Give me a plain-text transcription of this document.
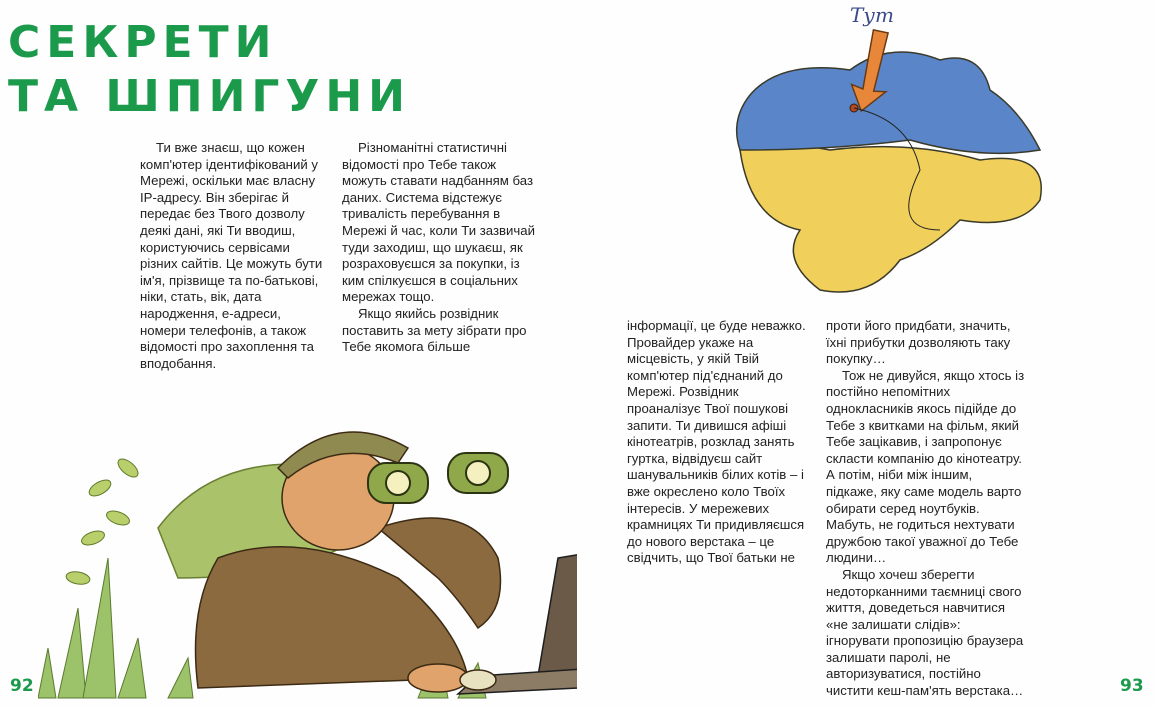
СЕКРЕТИ
ТА ШПИГУНИ

Ти вже знаєш, що кожен комп'ютер ідентифікований у Мережі, оскільки має власну IP-адресу. Він зберігає й передає без Твого дозволу деякі дані, які Ти вводиш, користуючись сервісами різних сайтів. Це можуть бути ім'я, прізвище та по-батькові, ніки, стать, вік, дата народження, е-адреси, номери телефонів, а також відомості про захоплення та вподобання.

Різноманітні статистичні відомості про Тебе також можуть ставати надбанням баз даних. Система відстежує тривалість перебування в Мережі й час, коли Ти зазвичай туди заходиш, що шукаєш, як розраховуєшся за покупки, із ким спілкуєшся в соціальних мережах тощо.

Якщо якийсь розвідник поставить за мету зібрати про Тебе якомога більше

92
Тут

інформації, це буде неважко. Провайдер укаже на місцевість, у якій Твій комп'ютер під'єднаний до Мережі. Розвідник проаналізує Твої пошукові запити. Ти дивишся афіші кінотеатрів, розклад занять гуртка, відвідуєш сайт шанувальників білих котів – і вже окреслено коло Твоїх інтересів. У мережевих крамницях Ти придивляєшся до нового верстака – це свідчить, що Твої батьки не

проти його придбати, значить, їхні прибутки дозволяють таку покупку…

Тож не дивуйся, якщо хтось із постійно непомітних однокласників якось підійде до Тебе з квитками на фільм, який Тебе зацікавив, і запропонує скласти компанію до кінотеатру. А потім, ніби між іншим, підкаже, яку саме модель варто обирати серед ноутбуків. Мабуть, не годиться нехтувати дружбою такої уважної до Тебе людини…

Якщо хочеш зберегти недоторканними таємниці свого життя, доведеться навчитися «не залишати слідів»: ігнорувати пропозицію браузера залишати паролі, не авторизуватися, постійно чистити кеш-пам'ять верстака…	93
